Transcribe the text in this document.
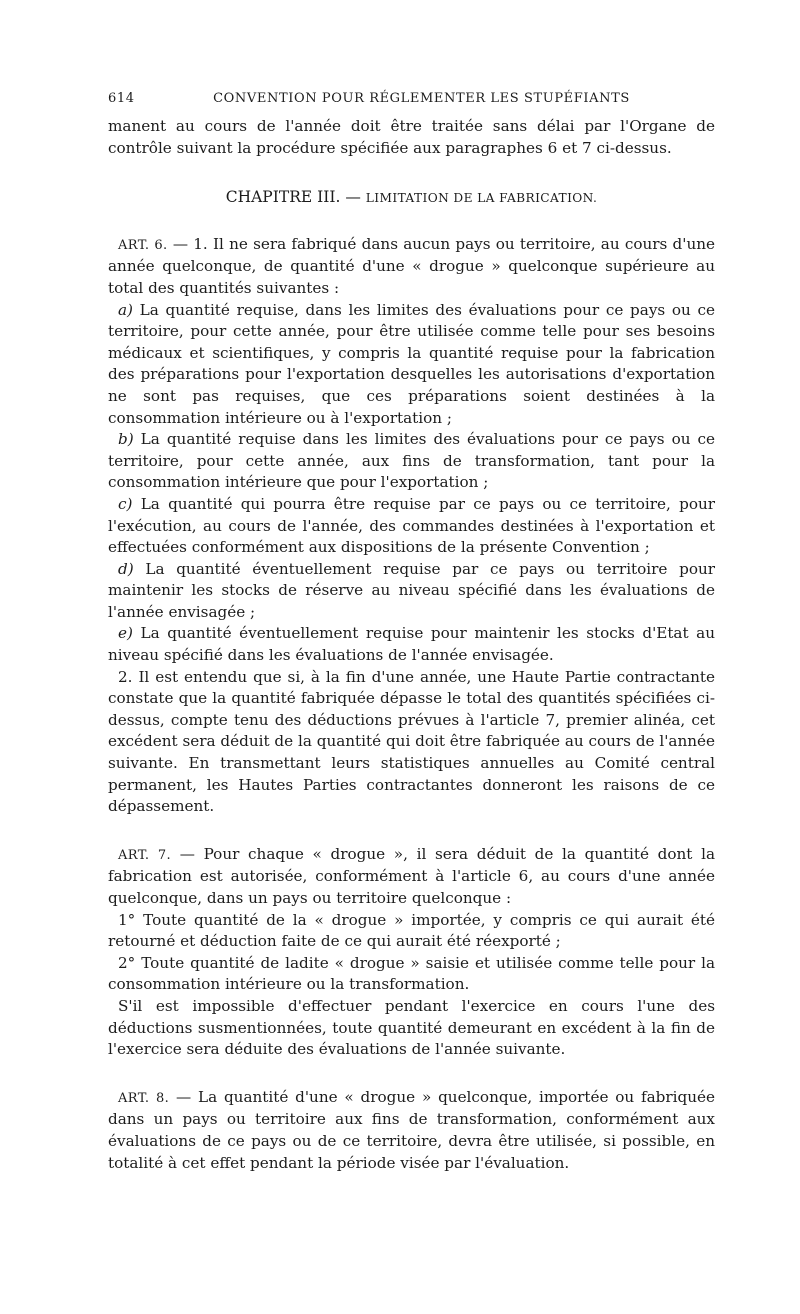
614	CONVENTION POUR RÉGLEMENTER LES STUPÉFIANTS

manent au cours de l'année doit être traitée sans délai par l'Organe de contrôle suivant la procédure spécifiée aux paragraphes 6 et 7 ci-dessus.

CHAPITRE III. — LIMITATION DE LA FABRICATION.

ART. 6. — 1. Il ne sera fabriqué dans aucun pays ou territoire, au cours d'une année quelconque, de quantité d'une « drogue » quelconque supérieure au total des quantités suivantes :

a) La quantité requise, dans les limites des évaluations pour ce pays ou ce territoire, pour cette année, pour être utilisée comme telle pour ses besoins médicaux et scientifiques, y compris la quantité requise pour la fabrication des préparations pour l'exportation desquelles les autorisations d'exportation ne sont pas requises, que ces préparations soient destinées à la consommation intérieure ou à l'exportation ;

b) La quantité requise dans les limites des évaluations pour ce pays ou ce territoire, pour cette année, aux fins de transformation, tant pour la consommation intérieure que pour l'exportation ;

c) La quantité qui pourra être requise par ce pays ou ce territoire, pour l'exécution, au cours de l'année, des commandes destinées à l'exportation et effectuées conformément aux dispositions de la présente Convention ;

d) La quantité éventuellement requise par ce pays ou territoire pour maintenir les stocks de réserve au niveau spécifié dans les évaluations de l'année envisagée ;

e) La quantité éventuellement requise pour maintenir les stocks d'Etat au niveau spécifié dans les évaluations de l'année envisagée.

2. Il est entendu que si, à la fin d'une année, une Haute Partie contractante constate que la quantité fabriquée dépasse le total des quantités spécifiées ci-dessus, compte tenu des déductions prévues à l'article 7, premier alinéa, cet excédent sera déduit de la quantité qui doit être fabriquée au cours de l'année suivante. En transmettant leurs statistiques annuelles au Comité central permanent, les Hautes Parties contractantes donneront les raisons de ce dépassement.

ART. 7. — Pour chaque « drogue », il sera déduit de la quantité dont la fabrication est autorisée, conformément à l'article 6, au cours d'une année quelconque, dans un pays ou territoire quelconque :

1° Toute quantité de la « drogue » importée, y compris ce qui aurait été retourné et déduction faite de ce qui aurait été réexporté ;

2° Toute quantité de ladite « drogue » saisie et utilisée comme telle pour la consommation intérieure ou la transformation.

S'il est impossible d'effectuer pendant l'exercice en cours l'une des déductions susmentionnées, toute quantité demeurant en excédent à la fin de l'exercice sera déduite des évaluations de l'année suivante.

ART. 8. — La quantité d'une « drogue » quelconque, importée ou fabriquée dans un pays ou territoire aux fins de transformation, conformément aux évaluations de ce pays ou de ce territoire, devra être utilisée, si possible, en totalité à cet effet pendant la période visée par l'évaluation.
